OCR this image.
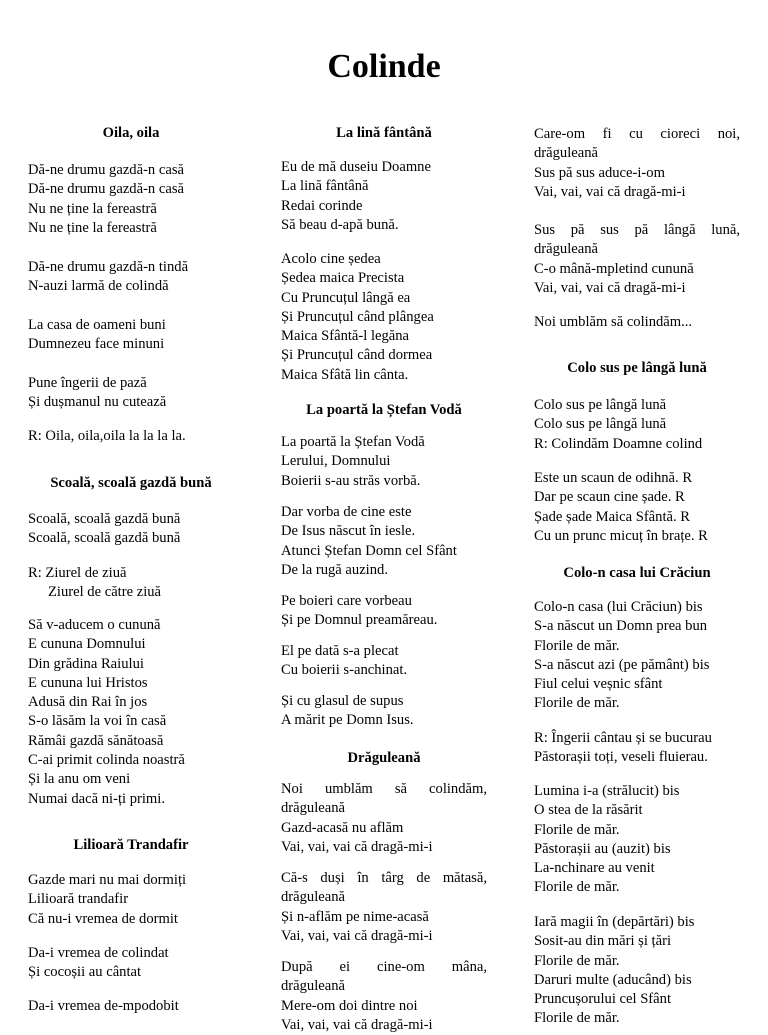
Colinde
Oila, oila
Dă-ne drumu gazdă-n casă
Dă-ne drumu gazdă-n casă
Nu ne ține la fereastră
Nu ne ține la fereastră
Dă-ne drumu gazdă-n tindă
N-auzi larmă de colindă
La casa de oameni buni
Dumnezeu face minuni
Pune îngerii de pază
Și dușmanul nu cutează
R: Oila, oila,oila la la la la.
Scoală, scoală gazdă bună
Scoală, scoală gazdă bună
Scoală, scoală gazdă bună
R: Ziurel de ziuă
Ziurel de către ziuă
Să v-aducem o cunună
E cununa Domnului
Din grădina Raiului
E cununa lui Hristos
Adusă din Rai în jos
S-o lăsăm la voi în casă
Rămâi gazdă sănătoasă
C-ai primit colinda noastră
Și la anu om veni
Numai dacă ni-ți primi.
Lilioară Trandafir
Gazde mari nu mai dormiți
Lilioară trandafir
Că nu-i vremea de dormit
Da-i vremea de colindat
Și cocoșii au cântat
Da-i vremea de-mpodobit
La lină fântână
Eu de mă duseiu Doamne
La lină fântână
Redai corinde
Să beau d-apă bună.
Acolo cine ședea
Ședea maica Precista
Cu Pruncuțul lângă ea
Și Pruncuțul când plângea
Maica Sfântă-l legăna
Și Pruncuțul când dormea
Maica Sfâtă lin cânta.
La poartă la Ștefan Vodă
La poartă la Ștefan Vodă
Lerului, Domnului
Boierii s-au străs vorbă.
Dar vorba de cine este
De Isus născut în iesle.
Atunci Ștefan Domn cel Sfânt
De la rugă auzind.
Pe boieri care vorbeau
Și pe Domnul preamăreau.
El pe dată s-a plecat
Cu boierii s-anchinat.
Și cu glasul de supus
A mărit pe Domn Isus.
Drăguleană
Noi umblăm să colindăm,
drăguleană
Gazd-acasă nu aflăm
Vai, vai, vai că dragă-mi-i
Că-s duși în târg de mătasă,
drăguleană
Și n-aflăm pe nime-acasă
Vai, vai, vai că dragă-mi-i
După ei cine-om mâna,
drăguleană
Mere-om doi dintre noi
Vai, vai, vai că dragă-mi-i
Care-om fi cu cioreci noi,
drăguleană
Sus pă sus aduce-i-om
Vai, vai, vai că dragă-mi-i
Sus pă sus pă lângă lună,
drăguleană
C-o mână-mpletind cunună
Vai, vai, vai că dragă-mi-i
Noi umblăm să colindăm...
Colo sus pe lângă lună
Colo sus pe lângă lună
Colo sus pe lângă lună
R: Colindăm Doamne colind
Este un scaun de odihnă. R
Dar pe scaun cine șade. R
Șade șade Maica Sfântă. R
Cu un prunc micuț în brațe. R
Colo-n casa lui Crăciun
Colo-n casa (lui Crăciun) bis
S-a născut un Domn prea bun
Florile de măr.
S-a născut azi (pe pământ) bis
Fiul celui veșnic sfânt
Florile de măr.
R: Îngerii cântau și se bucurau
Păstorașii toți, veseli fluierau.
Lumina i-a (strălucit) bis
O stea de la răsărit
Florile de măr.
Păstorașii au (auzit) bis
La-nchinare au venit
Florile de măr.
Iară magii în (depărtări) bis
Sosit-au din mări și țări
Florile de măr.
Daruri multe (aducând) bis
Pruncușorului cel Sfânt
Florile de măr.
